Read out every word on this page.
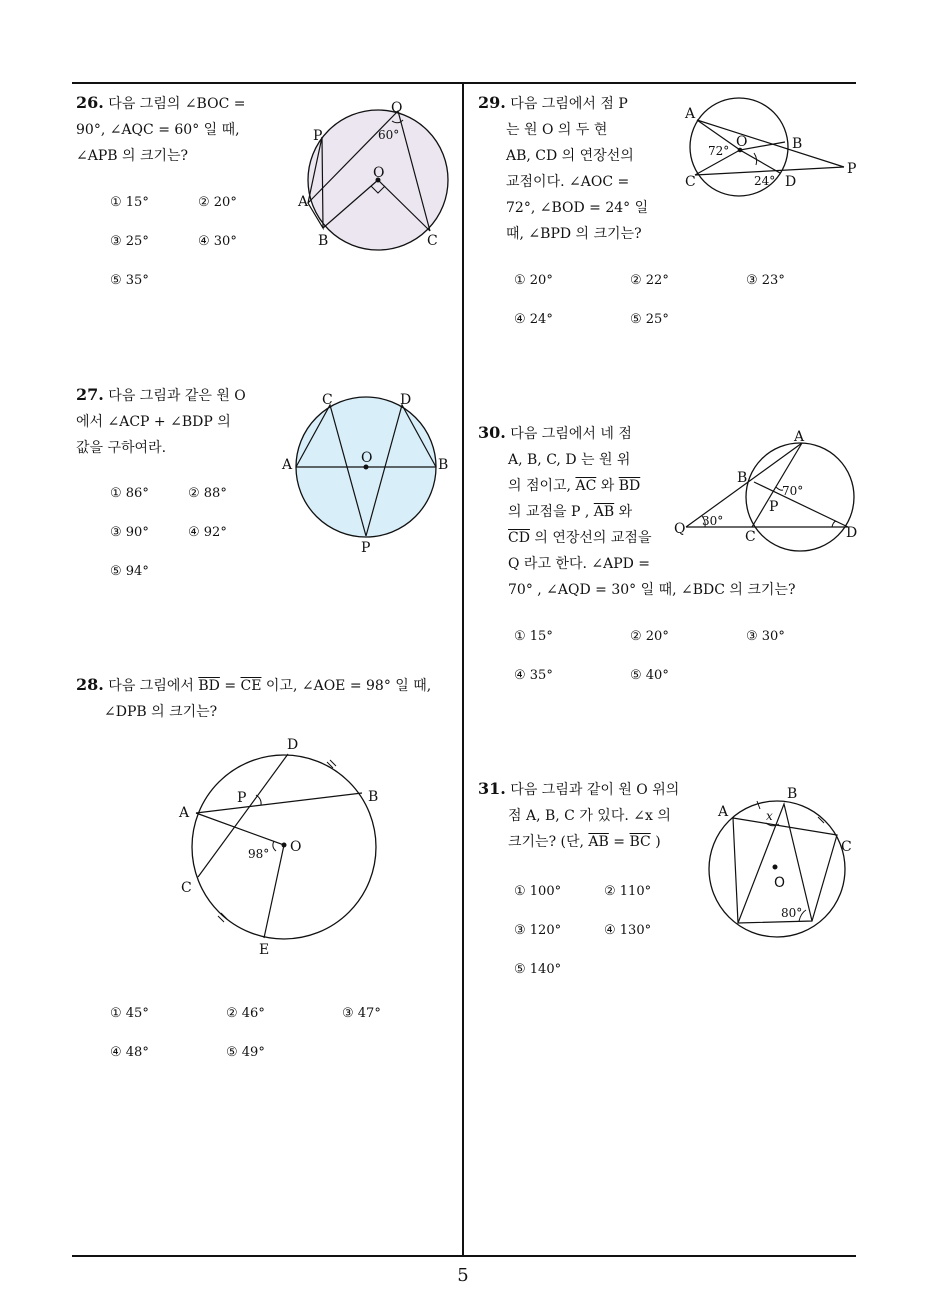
5
26. 다음 그림의 ∠BOC =
90°, ∠AQC = 60° 일 때,
∠APB 의 크기는?
① 15°	② 20°
③ 25°	④ 30°
⑤ 35°
Q
P
O
A
B	C
60°
27. 다음 그림과 같은 원 O
에서 ∠ACP + ∠BDP 의
값을 구하여라.
① 86°	② 88°
③ 90°	④ 92°
⑤ 94°
C	D
A	B
O
P
28. 다음 그림에서 $\overline{BD} = \overline{CE}$ 이고, ∠AOE = 98° 일 때,
∠DPB 의 크기는?
D
A
P	B
O
C
E
98°
① 45°	② 46°	③ 47°
④ 48°	⑤ 49°
29. 다음 그림에서 점 P
는 원 O 의 두 현
AB, CD 의 연장선의
교점이다. ∠AOC =
72°, ∠BOD = 24° 일
때, ∠BPD 의 크기는?
A
O	B
P
C	D
72°
24°
① 20°	② 22°	③ 23°
④ 24°	⑤ 25°
30. 다음 그림에서 네 점
A, B, C, D 는 원 위
의 점이고, $\overline{AC}$ 와 $\overline{BD}$
의 교점을 P , $\overline{AB}$ 와
$\overline{CD}$ 의 연장선의 교점을
Q 라고 한다. ∠APD =
70° , ∠AQD = 30° 일 때, ∠BDC 의 크기는?
A
B
P
Q	C	D
70°
30°
① 15°	② 20°	③ 30°
④ 35°	⑤ 40°
31. 다음 그림과 같이 원 O 위의
점 A, B, C 가 있다. ∠x 의
크기는? (단, $\overline{AB} = \overline{BC}$ )
① 100°	② 110°
③ 120°	④ 130°
⑤ 140°
A
B
C
O
x
80°
